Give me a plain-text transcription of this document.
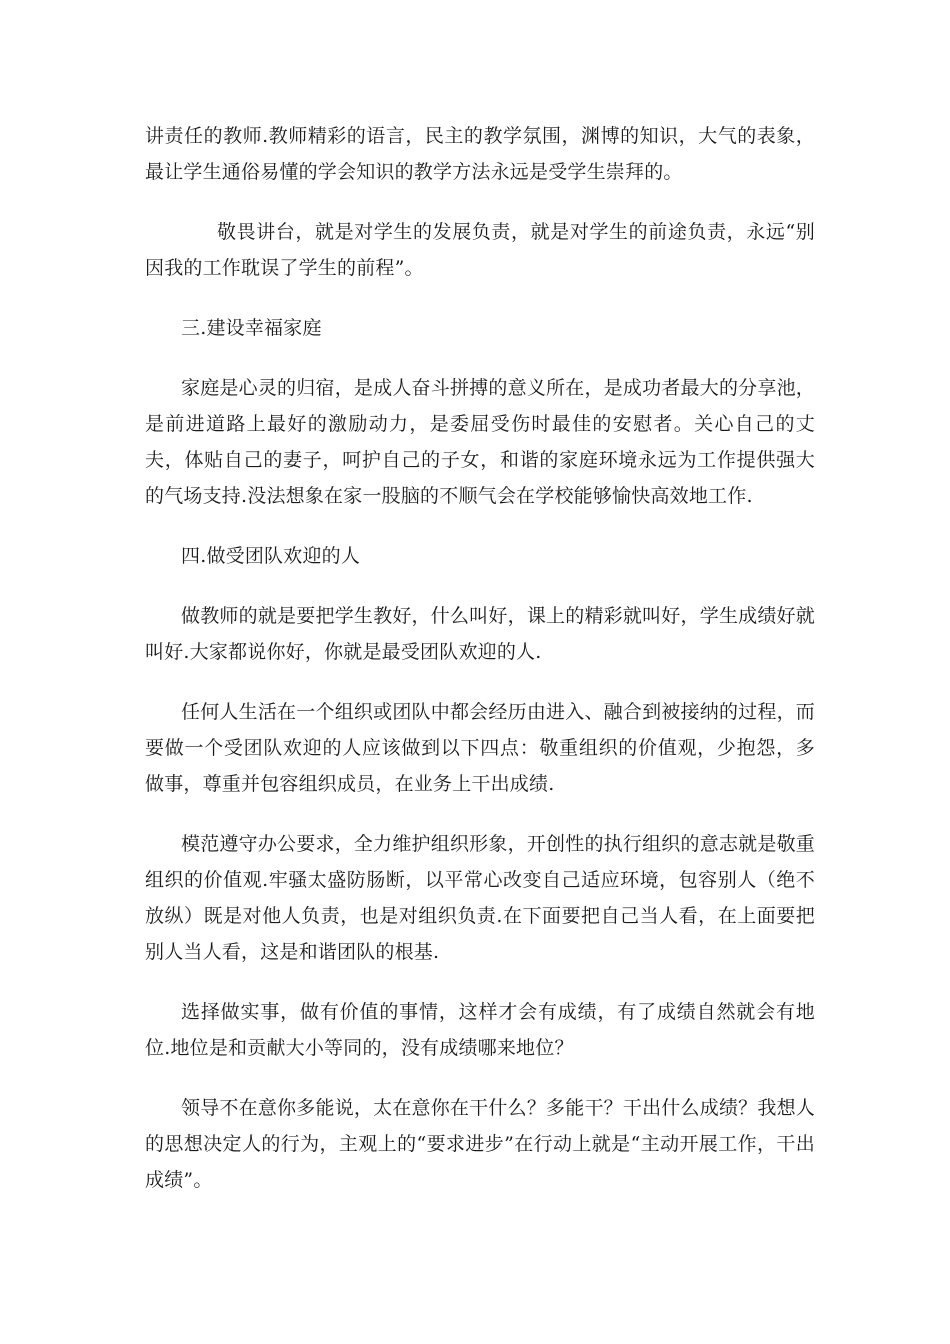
讲责任的教师.教师精彩的语言，民主的教学氛围，渊博的知识，大气的表象，最让学生通俗易懂的学会知识的教学方法永远是受学生崇拜的。

敬畏讲台，就是对学生的发展负责，就是对学生的前途负责，永远“别因我的工作耽误了学生的前程”。

三.建设幸福家庭

家庭是心灵的归宿，是成人奋斗拼搏的意义所在，是成功者最大的分享池，是前进道路上最好的激励动力，是委屈受伤时最佳的安慰者。关心自己的丈夫，体贴自己的妻子，呵护自己的子女，和谐的家庭环境永远为工作提供强大的气场支持.没法想象在家一股脑的不顺气会在学校能够愉快高效地工作.

四.做受团队欢迎的人

做教师的就是要把学生教好，什么叫好，课上的精彩就叫好，学生成绩好就叫好.大家都说你好，你就是最受团队欢迎的人.

任何人生活在一个组织或团队中都会经历由进入、融合到被接纳的过程，而要做一个受团队欢迎的人应该做到以下四点：敬重组织的价值观，少抱怨，多做事，尊重并包容组织成员，在业务上干出成绩.

模范遵守办公要求，全力维护组织形象，开创性的执行组织的意志就是敬重组织的价值观.牢骚太盛防肠断，以平常心改变自己适应环境，包容别人（绝不放纵）既是对他人负责，也是对组织负责.在下面要把自己当人看，在上面要把别人当人看，这是和谐团队的根基.

选择做实事，做有价值的事情，这样才会有成绩，有了成绩自然就会有地位.地位是和贡献大小等同的，没有成绩哪来地位？

领导不在意你多能说，太在意你在干什么？多能干？干出什么成绩？我想人的思想决定人的行为，主观上的“要求进步”在行动上就是“主动开展工作，干出成绩”。
